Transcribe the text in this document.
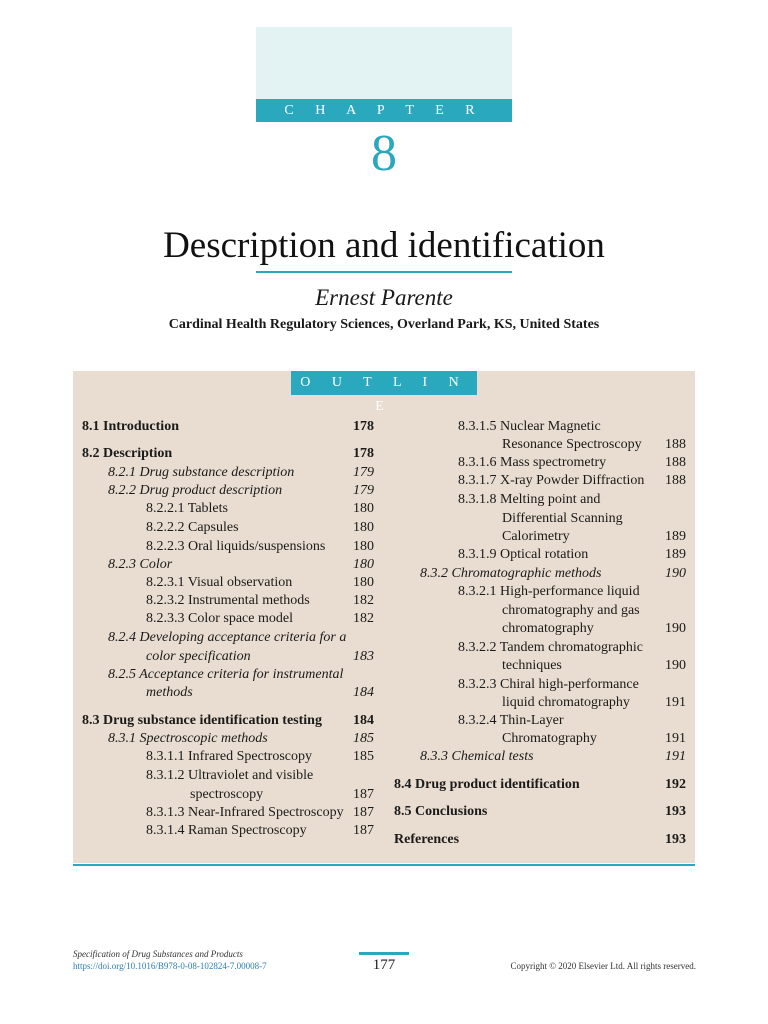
C H A P T E R
8
Description and identification
Ernest Parente
Cardinal Health Regulatory Sciences, Overland Park, KS, United States
O U T L I N E
8.1 Introduction	178
8.2 Description	178
8.2.1 Drug substance description	179
8.2.2 Drug product description	179
8.2.2.1 Tablets	180
8.2.2.2 Capsules	180
8.2.2.3 Oral liquids/suspensions 180
8.2.3 Color	180
8.2.3.1 Visual observation	180
8.2.3.2 Instrumental methods	182
8.2.3.3 Color space model	182
8.2.4 Developing acceptance criteria for a
color specification	183
8.2.5 Acceptance criteria for instrumental
methods	184
8.3 Drug substance identification testing 184
8.3.1 Spectroscopic methods	185
8.3.1.1 Infrared Spectroscopy	185
8.3.1.2 Ultraviolet and visible
spectroscopy	187
8.3.1.3 Near-Infrared Spectroscopy 187
8.3.1.4 Raman Spectroscopy	187
8.3.1.5 Nuclear Magnetic
Resonance Spectroscopy 188
8.3.1.6 Mass spectrometry	188
8.3.1.7 X-ray Powder Diffraction 188
8.3.1.8 Melting point and
Differential Scanning
Calorimetry	189
8.3.1.9 Optical rotation	189
8.3.2 Chromatographic methods	190
8.3.2.1 High-performance liquid
chromatography and gas
chromatography	190
8.3.2.2 Tandem chromatographic
techniques	190
8.3.2.3 Chiral high-performance
liquid chromatography	191
8.3.2.4 Thin-Layer
Chromatography	191
8.3.3 Chemical tests	191
8.4 Drug product identification	192
8.5 Conclusions	193
References	193
Specification of Drug Substances and Products
https://doi.org/10.1016/B978-0-08-102824-7.00008-7	177	Copyright © 2020 Elsevier Ltd. All rights reserved.
